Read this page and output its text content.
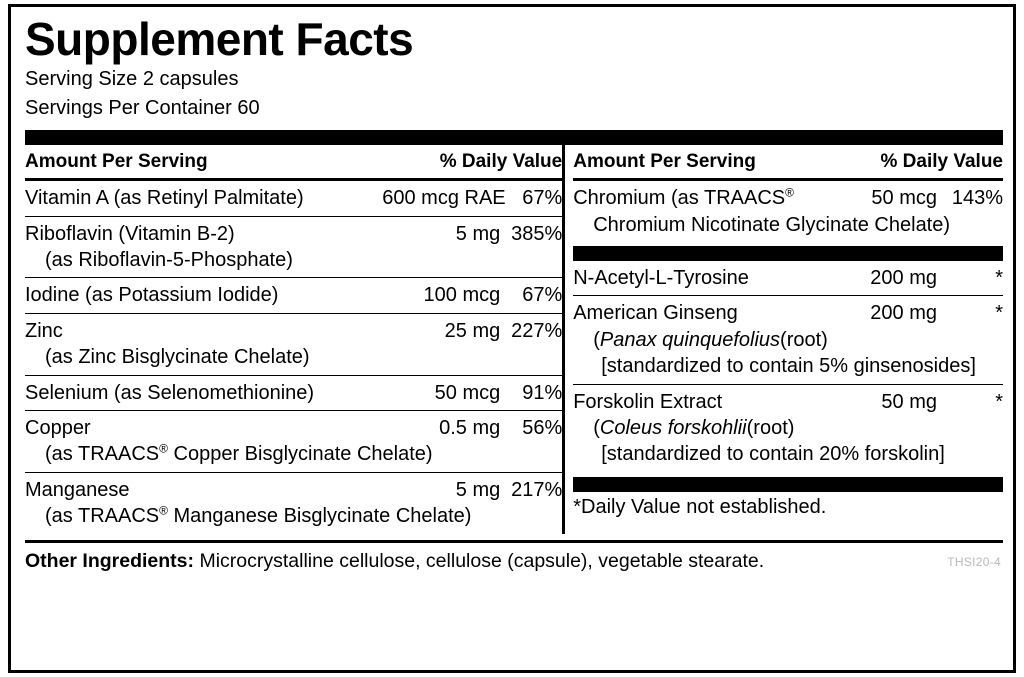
Supplement Facts
Serving Size 2 capsules
Servings Per Container 60
Amount Per Serving	% Daily Value
Vitamin A (as Retinyl Palmitate)	600 mcg RAE 67%
Riboflavin (Vitamin B-2)	5 mg 385%
(as Riboflavin-5-Phosphate)
Iodine (as Potassium Iodide)	100 mcg	67%
Zinc	25 mg 227%
(as Zinc Bisglycinate Chelate)
Selenium (as Selenomethionine)	50 mcg	91%
Copper	0.5 mg	56%
(as TRAACS® Copper Bisglycinate Chelate)
Manganese	5 mg 217%
(as TRAACS® Manganese Bisglycinate Chelate)
Amount Per Serving	% Daily Value
Chromium (as TRAACS®	50 mcg 143%
Chromium Nicotinate Glycinate Chelate)
N-Acetyl-L-Tyrosine	200 mg	*
American Ginseng	200 mg	*
(Panax quinquefolius(root)
[standardized to contain 5% ginsenosides]
Forskolin Extract	50 mg	*
(Coleus forskohlii(root)
[standardized to contain 20% forskolin]
*Daily Value not established.
Other Ingredients: Microcrystalline cellulose, cellulose (capsule), vegetable stearate.	THSI20-4
